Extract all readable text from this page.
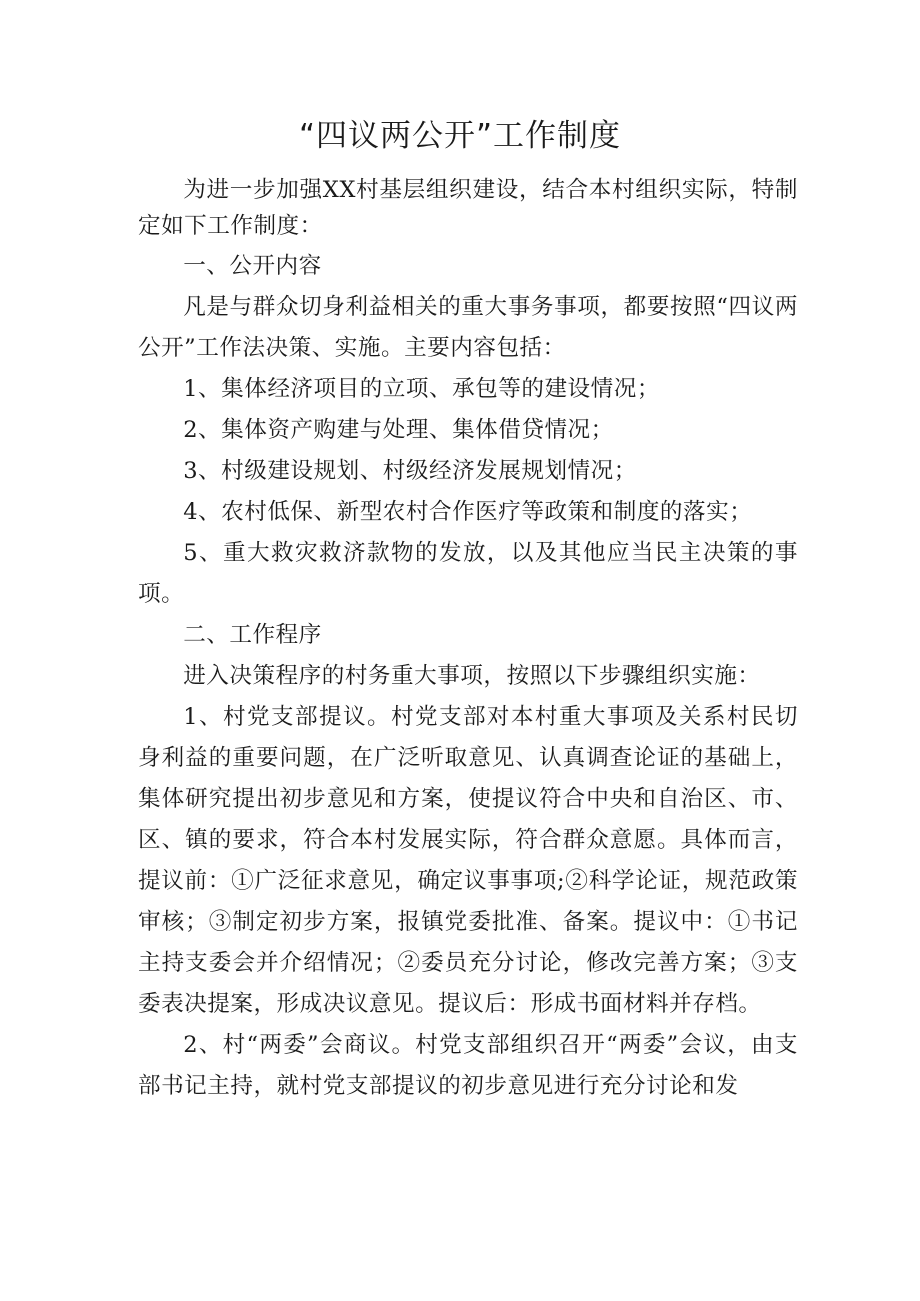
“四议两公开”工作制度

为进一步加强XX村基层组织建设，结合本村组织实际，特制定如下工作制度：

一、公开内容

凡是与群众切身利益相关的重大事务事项，都要按照“四议两公开”工作法决策、实施。主要内容包括：

1、集体经济项目的立项、承包等的建设情况；

2、集体资产购建与处理、集体借贷情况；

3、村级建设规划、村级经济发展规划情况；

4、农村低保、新型农村合作医疗等政策和制度的落实；

5、重大救灾救济款物的发放，以及其他应当民主决策的事项。

二、工作程序

进入决策程序的村务重大事项，按照以下步骤组织实施：

1、村党支部提议。村党支部对本村重大事项及关系村民切身利益的重要问题，在广泛听取意见、认真调查论证的基础上，集体研究提出初步意见和方案，使提议符合中央和自治区、市、区、镇的要求，符合本村发展实际，符合群众意愿。具体而言，提议前：①广泛征求意见，确定议事事项;②科学论证，规范政策审核；③制定初步方案，报镇党委批准、备案。提议中：①书记主持支委会并介绍情况；②委员充分讨论，修改完善方案；③支委表决提案，形成决议意见。提议后：形成书面材料并存档。

2、村“两委”会商议。村党支部组织召开“两委”会议，由支部书记主持，就村党支部提议的初步意见进行充分讨论和发
